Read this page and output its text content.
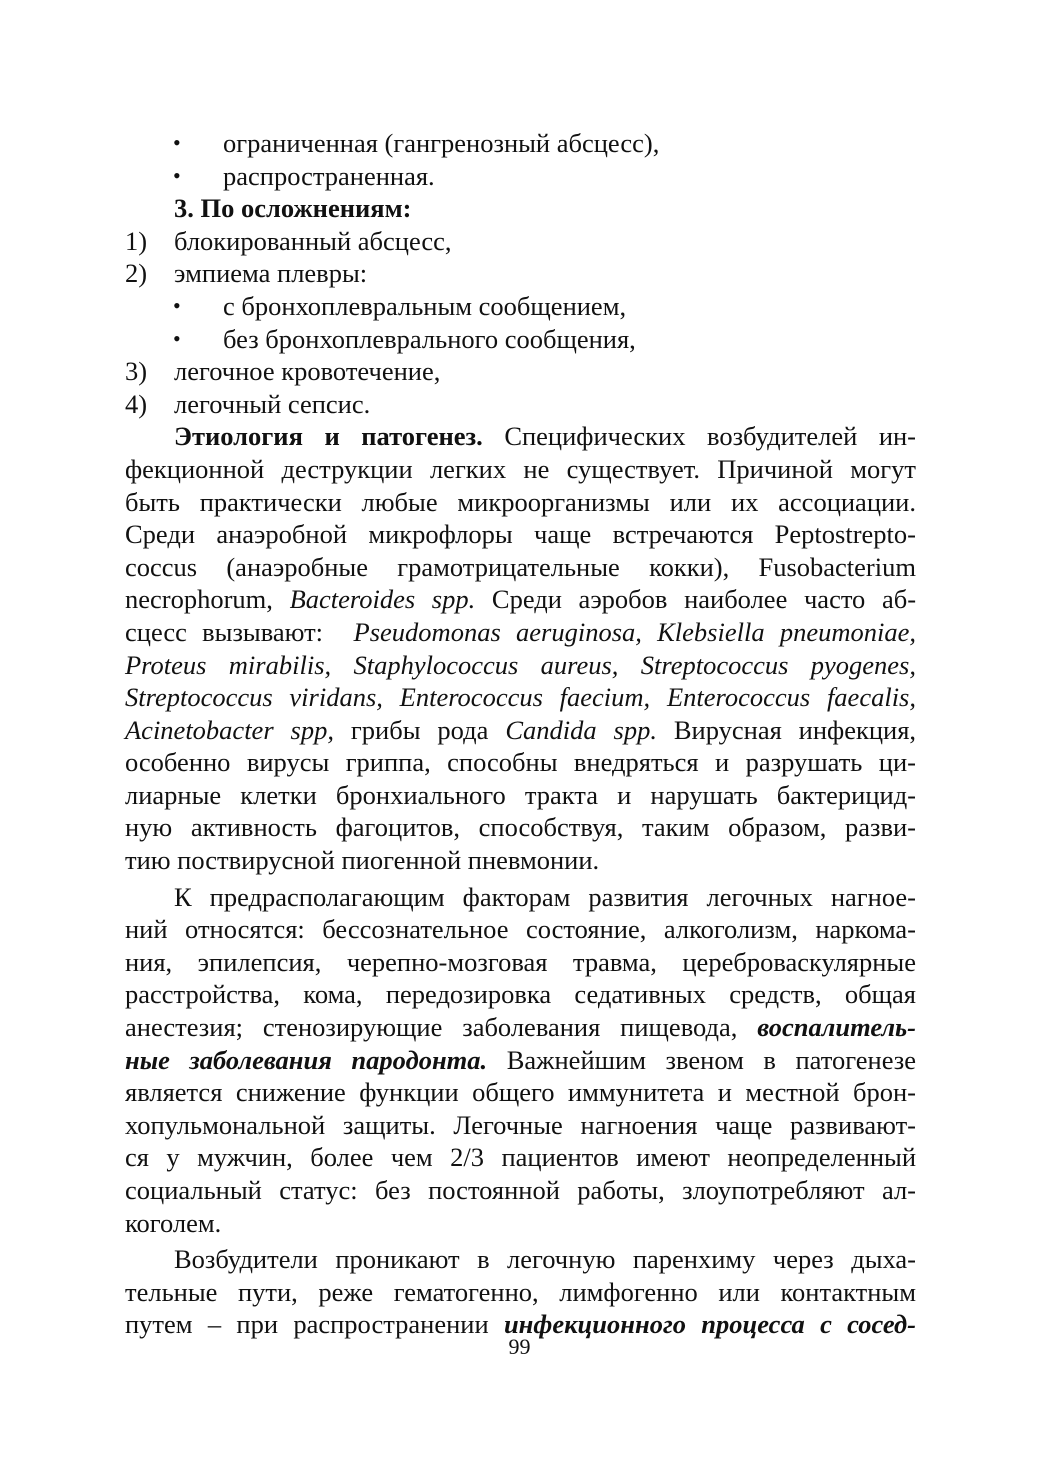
• ограниченная (гангренозный абсцесс),
• распространенная.
3. По осложнениям:
1) блокированный абсцесс,
2) эмпиема плевры:
• с бронхоплевральным сообщением,
• без бронхоплеврального сообщения,
3) легочное кровотечение,
4) легочный сепсис.
Этиология и патогенез. Специфических возбудителей ин-
фекционной деструкции легких не существует. Причиной могут
быть практически любые микроорганизмы или их ассоциации.
Среди анаэробной микрофлоры чаще встречаются Peptostrepto-
coccus (анаэробные грамотрицательные кокки), Fusobacterium
necrophorum, Bacteroides spp. Среди аэробов наиболее часто аб-
сцесс вызывают: Pseudomonas aeruginosa, Klebsiella pneumoniae,
Proteus mirabilis, Staphylococcus aureus, Streptococcus pyogenes,
Streptococcus viridans, Enterococcus faecium, Enterococcus faecalis,
Acinetobacter spp, грибы рода Candida spp. Вирусная инфекция,
особенно вирусы гриппа, способны внедряться и разрушать ци-
лиарные клетки бронхиального тракта и нарушать бактерицид-
ную активность фагоцитов, способствуя, таким образом, разви-
тию поствирусной пиогенной пневмонии.
К предрасполагающим факторам развития легочных нагное-
ний относятся: бессознательное состояние, алкоголизм, наркома-
ния, эпилепсия, черепно-мозговая травма, цереброваскулярные
расстройства, кома, передозировка седативных средств, общая
анестезия; стенозирующие заболевания пищевода, воспалитель-
ные заболевания пародонта. Важнейшим звеном в патогенезе
является снижение функции общего иммунитета и местной брон-
хопульмональной защиты. Легочные нагноения чаще развивают-
ся у мужчин, более чем 2/3 пациентов имеют неопределенный
социальный статус: без постоянной работы, злоупотребляют ал-
коголем.
Возбудители проникают в легочную паренхиму через дыха-
тельные пути, реже гематогенно, лимфогенно или контактным
путем – при распространении инфекционного процесса с сосед-
99
